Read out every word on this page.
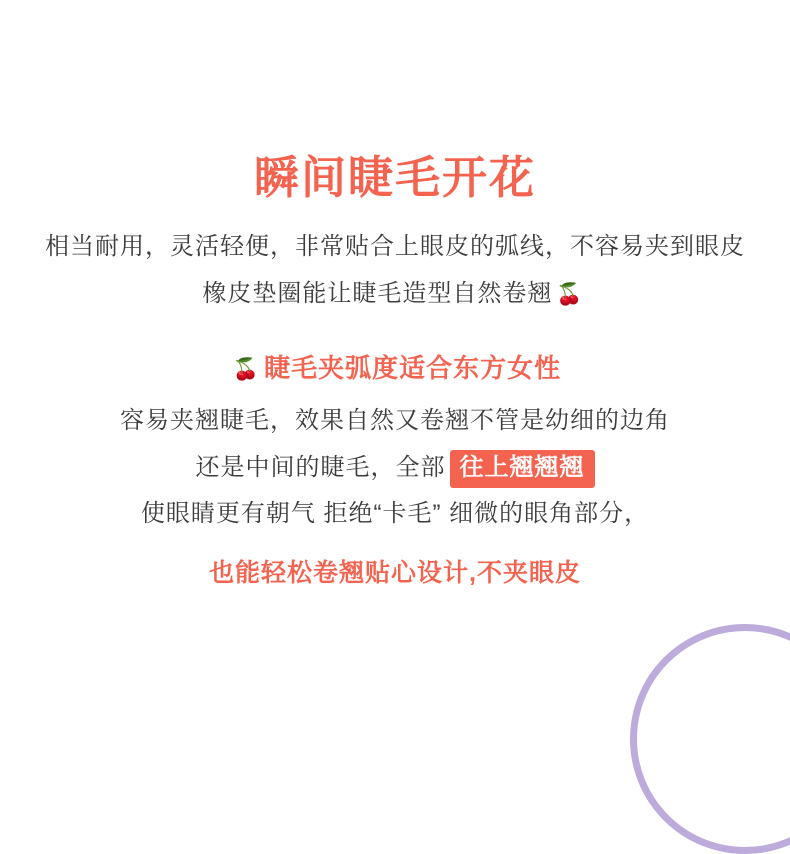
瞬间睫毛开花

相当耐用，灵活轻便，非常贴合上眼皮的弧线，不容易夹到眼皮

橡皮垫圈能让睫毛造型自然卷翘 🍒

🍒 睫毛夹弧度适合东方女性

容易夹翘睫毛，效果自然又卷翘不管是幼细的边角

还是中间的睫毛，全部 往上翘翘翘

使眼睛更有朝气 拒绝“卡毛” 细微的眼角部分，

也能轻松卷翘贴心设计,不夹眼皮
